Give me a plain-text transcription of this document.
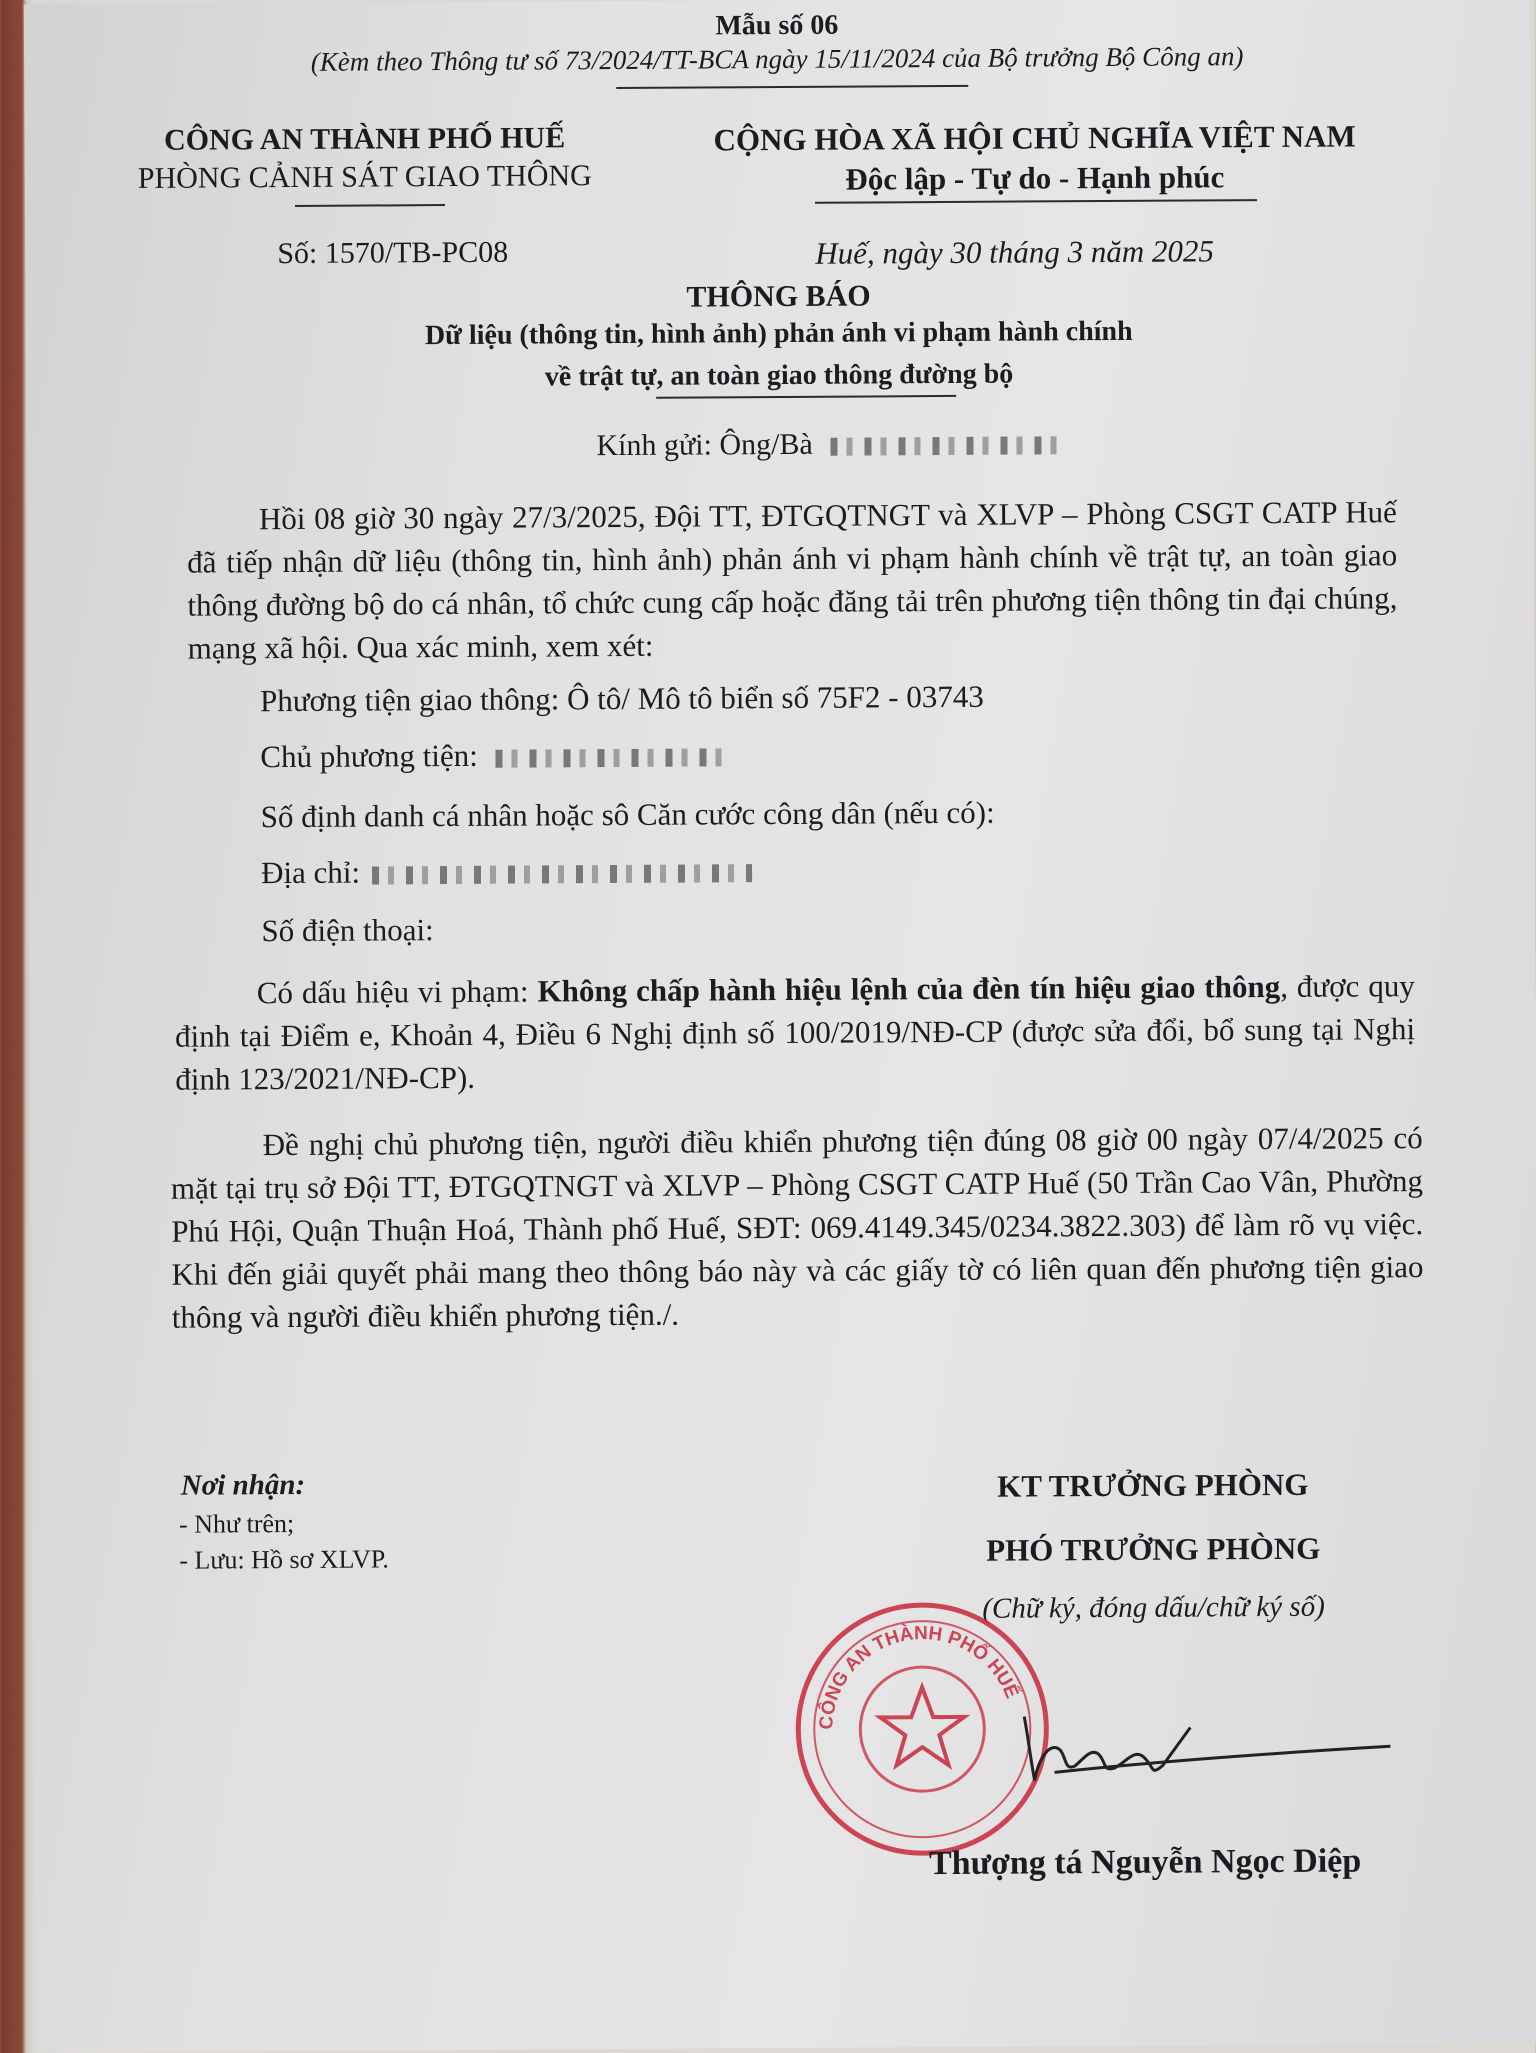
Mẫu số 06
(Kèm theo Thông tư số 73/2024/TT-BCA ngày 15/11/2024 của Bộ trưởng Bộ Công an)
CÔNG AN THÀNH PHỐ HUẾ
PHÒNG CẢNH SÁT GIAO THÔNG
Số: 1570/TB-PC08
CỘNG HÒA XÃ HỘI CHỦ NGHĨA VIỆT NAM
Độc lập - Tự do - Hạnh phúc
Huế, ngày 30 tháng 3 năm 2025
THÔNG BÁO
Dữ liệu (thông tin, hình ảnh) phản ánh vi phạm hành chính
về trật tự, an toàn giao thông đường bộ
Kính gửi: Ông/Bà
Hồi 08 giờ 30 ngày 27/3/2025, Đội TT, ĐTGQTNGT và XLVP – Phòng CSGT CATP Huế đã tiếp nhận dữ liệu (thông tin, hình ảnh) phản ánh vi phạm hành chính về trật tự, an toàn giao thông đường bộ do cá nhân, tổ chức cung cấp hoặc đăng tải trên phương tiện thông tin đại chúng, mạng xã hội. Qua xác minh, xem xét:
Phương tiện giao thông: Ô tô/ Mô tô biển số 75F2 - 03743
Chủ phương tiện:
Số định danh cá nhân hoặc sô Căn cước công dân (nếu có):
Địa chỉ:
Số điện thoại:
Có dấu hiệu vi phạm: Không chấp hành hiệu lệnh của đèn tín hiệu giao thông, được quy định tại Điểm e, Khoản 4, Điều 6 Nghị định số 100/2019/NĐ-CP (được sửa đổi, bổ sung tại Nghị định 123/2021/NĐ-CP).
Đề nghị chủ phương tiện, người điều khiển phương tiện đúng 08 giờ 00 ngày 07/4/2025 có mặt tại trụ sở Đội TT, ĐTGQTNGT và XLVP – Phòng CSGT CATP Huế (50 Trần Cao Vân, Phường Phú Hội, Quận Thuận Hoá, Thành phố Huế, SĐT: 069.4149.345/0234.3822.303) để làm rõ vụ việc. Khi đến giải quyết phải mang theo thông báo này và các giấy tờ có liên quan đến phương tiện giao thông và người điều khiển phương tiện./.
Nơi nhận:
- Như trên;
- Lưu: Hồ sơ XLVP.
KT TRƯỞNG PHÒNG
PHÓ TRƯỞNG PHÒNG
(Chữ ký, đóng dấu/chữ ký số)
CÔNG AN THÀNH PHỐ HUẾ
Thượng tá Nguyễn Ngọc Diệp
